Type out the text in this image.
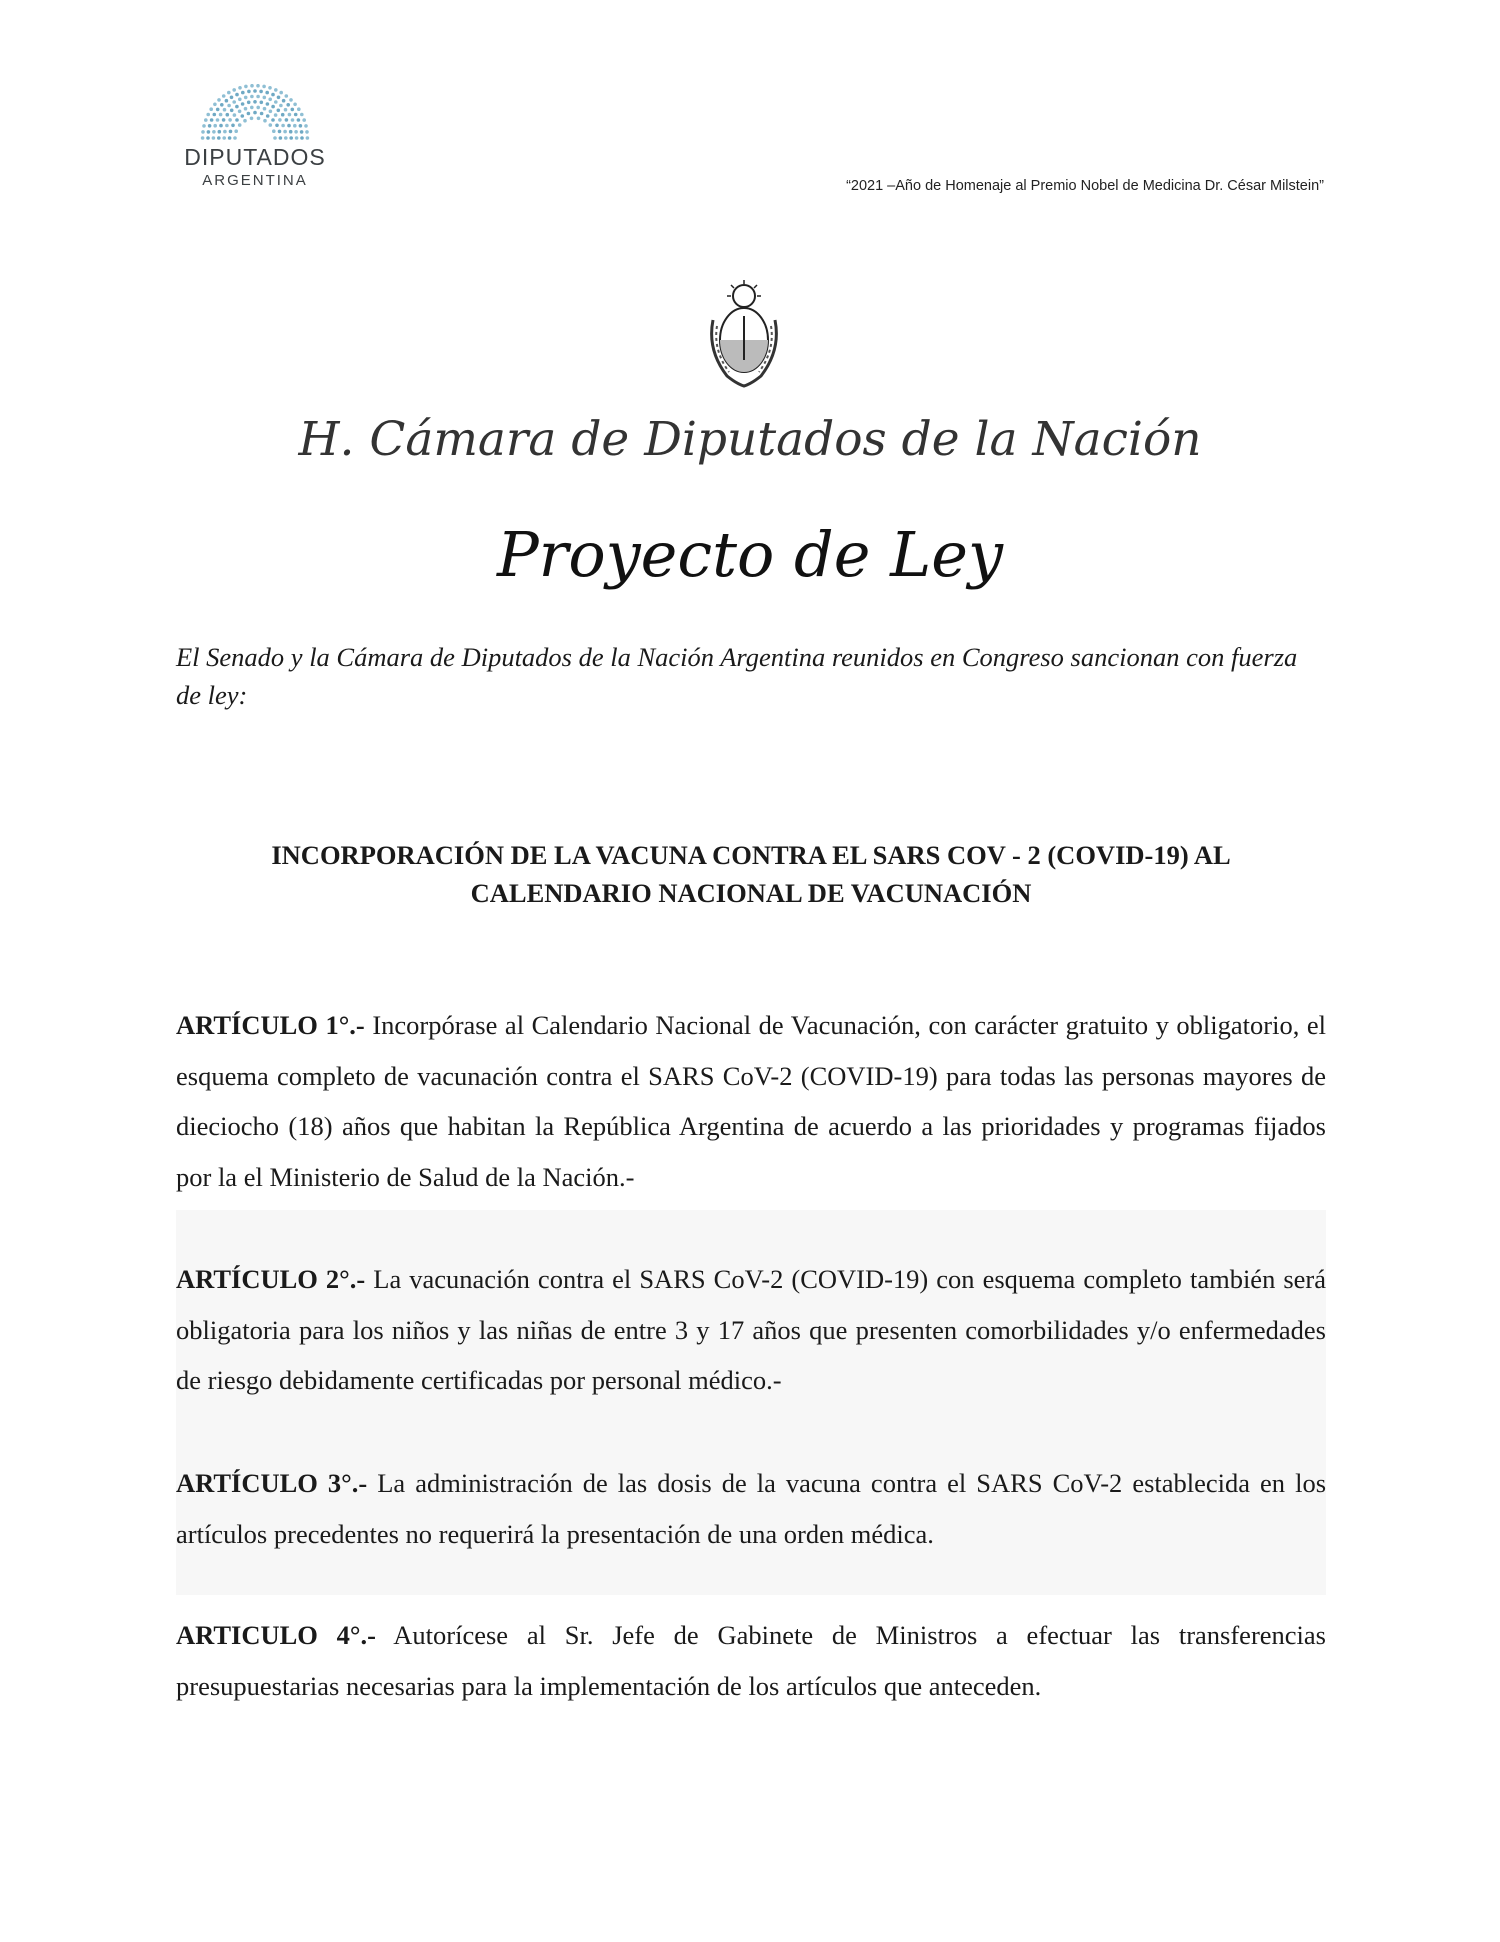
DIPUTADOS
ARGENTINA	“2021 –Año de Homenaje al Premio Nobel de Medicina Dr. César Milstein”
H. Cámara de Diputados de la Nación
Proyecto de Ley
El Senado y la Cámara de Diputados de la Nación Argentina reunidos en Congreso sancionan con fuerza de ley:
INCORPORACIÓN DE LA VACUNA CONTRA EL SARS COV - 2 (COVID-19) AL
CALENDARIO NACIONAL DE VACUNACIÓN

ARTÍCULO 1°.- Incorpórase al Calendario Nacional de Vacunación, con carácter gratuito y obligatorio, el esquema completo de vacunación contra el SARS CoV-2 (COVID-19) para todas las personas mayores de dieciocho (18) años que habitan la República Argentina de acuerdo a las prioridades y programas fijados por la el Ministerio de Salud de la Nación.-

ARTÍCULO 2°.- La vacunación contra el SARS CoV-2 (COVID-19) con esquema completo también será obligatoria para los niños y las niñas de entre 3 y 17 años que presenten comorbilidades y/o enfermedades de riesgo debidamente certificadas por personal médico.-

ARTÍCULO 3°.- La administración de las dosis de la vacuna contra el SARS CoV-2 establecida en los artículos precedentes no requerirá la presentación de una orden médica.

ARTICULO 4°.- Autorícese al Sr. Jefe de Gabinete de Ministros a efectuar las transferencias presupuestarias necesarias para la implementación de los artículos que anteceden.
